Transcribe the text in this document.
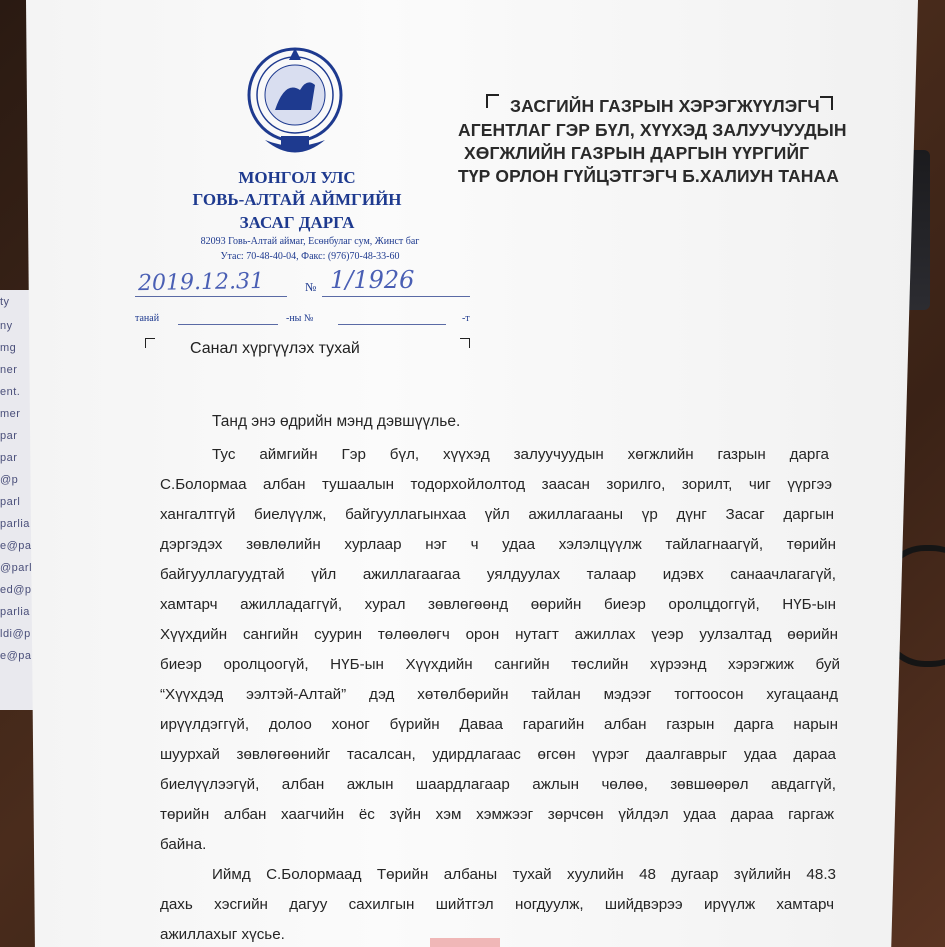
ty
ny
mg
ner
ent.
mer
par
par
@p
parl
parlia
e@pa
@parl
ed@p
parlia
ldi@p
e@pa
МОНГОЛ УЛС
ГОВЬ-АЛТАЙ АЙМГИЙН
ЗАСАГ ДАРГА
82093 Говь-Алтай аймаг, Есөнбулаг сум, Жинст баг
Утас: 70-48-40-04, Факс: (976)70-48-33-60
2019.12.31	№ 1/1926
танай	-ны №	-т
Санал хүргүүлэх тухай
ЗАСГИЙН ГАЗРЫН ХЭРЭГЖҮҮЛЭГЧ
АГЕНТЛАГ ГЭР БҮЛ, ХҮҮХЭД ЗАЛУУЧУУДЫН
ХӨГЖЛИЙН ГАЗРЫН ДАРГЫН ҮҮРГИЙГ
ТҮР ОРЛОН ГҮЙЦЭТГЭГЧ Б.ХАЛИУН ТАНАА
Танд энэ өдрийн мэнд дэвшүүлье.
Тус аймгийн Гэр бүл, хүүхэд залуучуудын хөгжлийн газрын дарга
С.Болормаа албан тушаалын тодорхойлолтод заасан зорилго, зорилт, чиг үүргээ
хангалтгүй биелүүлж, байгууллагынхаа үйл ажиллагааны үр дүнг Засаг даргын
дэргэдэх зөвлөлийн хурлаар нэг ч удаа хэлэлцүүлж тайлагнаагүй, төрийн
байгууллагуудтай үйл ажиллагаагаа уялдуулах талаар идэвх санаачлагагүй,
хамтарч ажилладаггүй, хурал зөвлөгөөнд өөрийн биеэр оролцдоггүй, НҮБ-ын
Хүүхдийн сангийн суурин төлөөлөгч орон нутагт ажиллах үеэр уулзалтад өөрийн
биеэр оролцоогүй, НҮБ-ын Хүүхдийн сангийн төслийн хүрээнд хэрэгжиж буй
“Хүүхдэд ээлтэй-Алтай” дэд хөтөлбөрийн тайлан мэдээг тогтоосон хугацаанд
ирүүлдэггүй, долоо хоног бүрийн Даваа гарагийн албан газрын дарга нарын
шуурхай зөвлөгөөнийг тасалсан, удирдлагаас өгсөн үүрэг даалгаврыг удаа дараа
биелүүлээгүй, албан ажлын шаардлагаар ажлын чөлөө, зөвшөөрөл авдаггүй,
төрийн албан хаагчийн ёс зүйн хэм хэмжээг зөрчсөн үйлдэл удаа дараа гаргаж
байна.
Иймд С.Болормаад Төрийн албаны тухай хуулийн 48 дугаар зүйлийн 48.3
дахь хэсгийн дагуу сахилгын шийтгэл ногдуулж, шийдвэрээ ирүүлж хамтарч
ажиллахыг хүсье.
